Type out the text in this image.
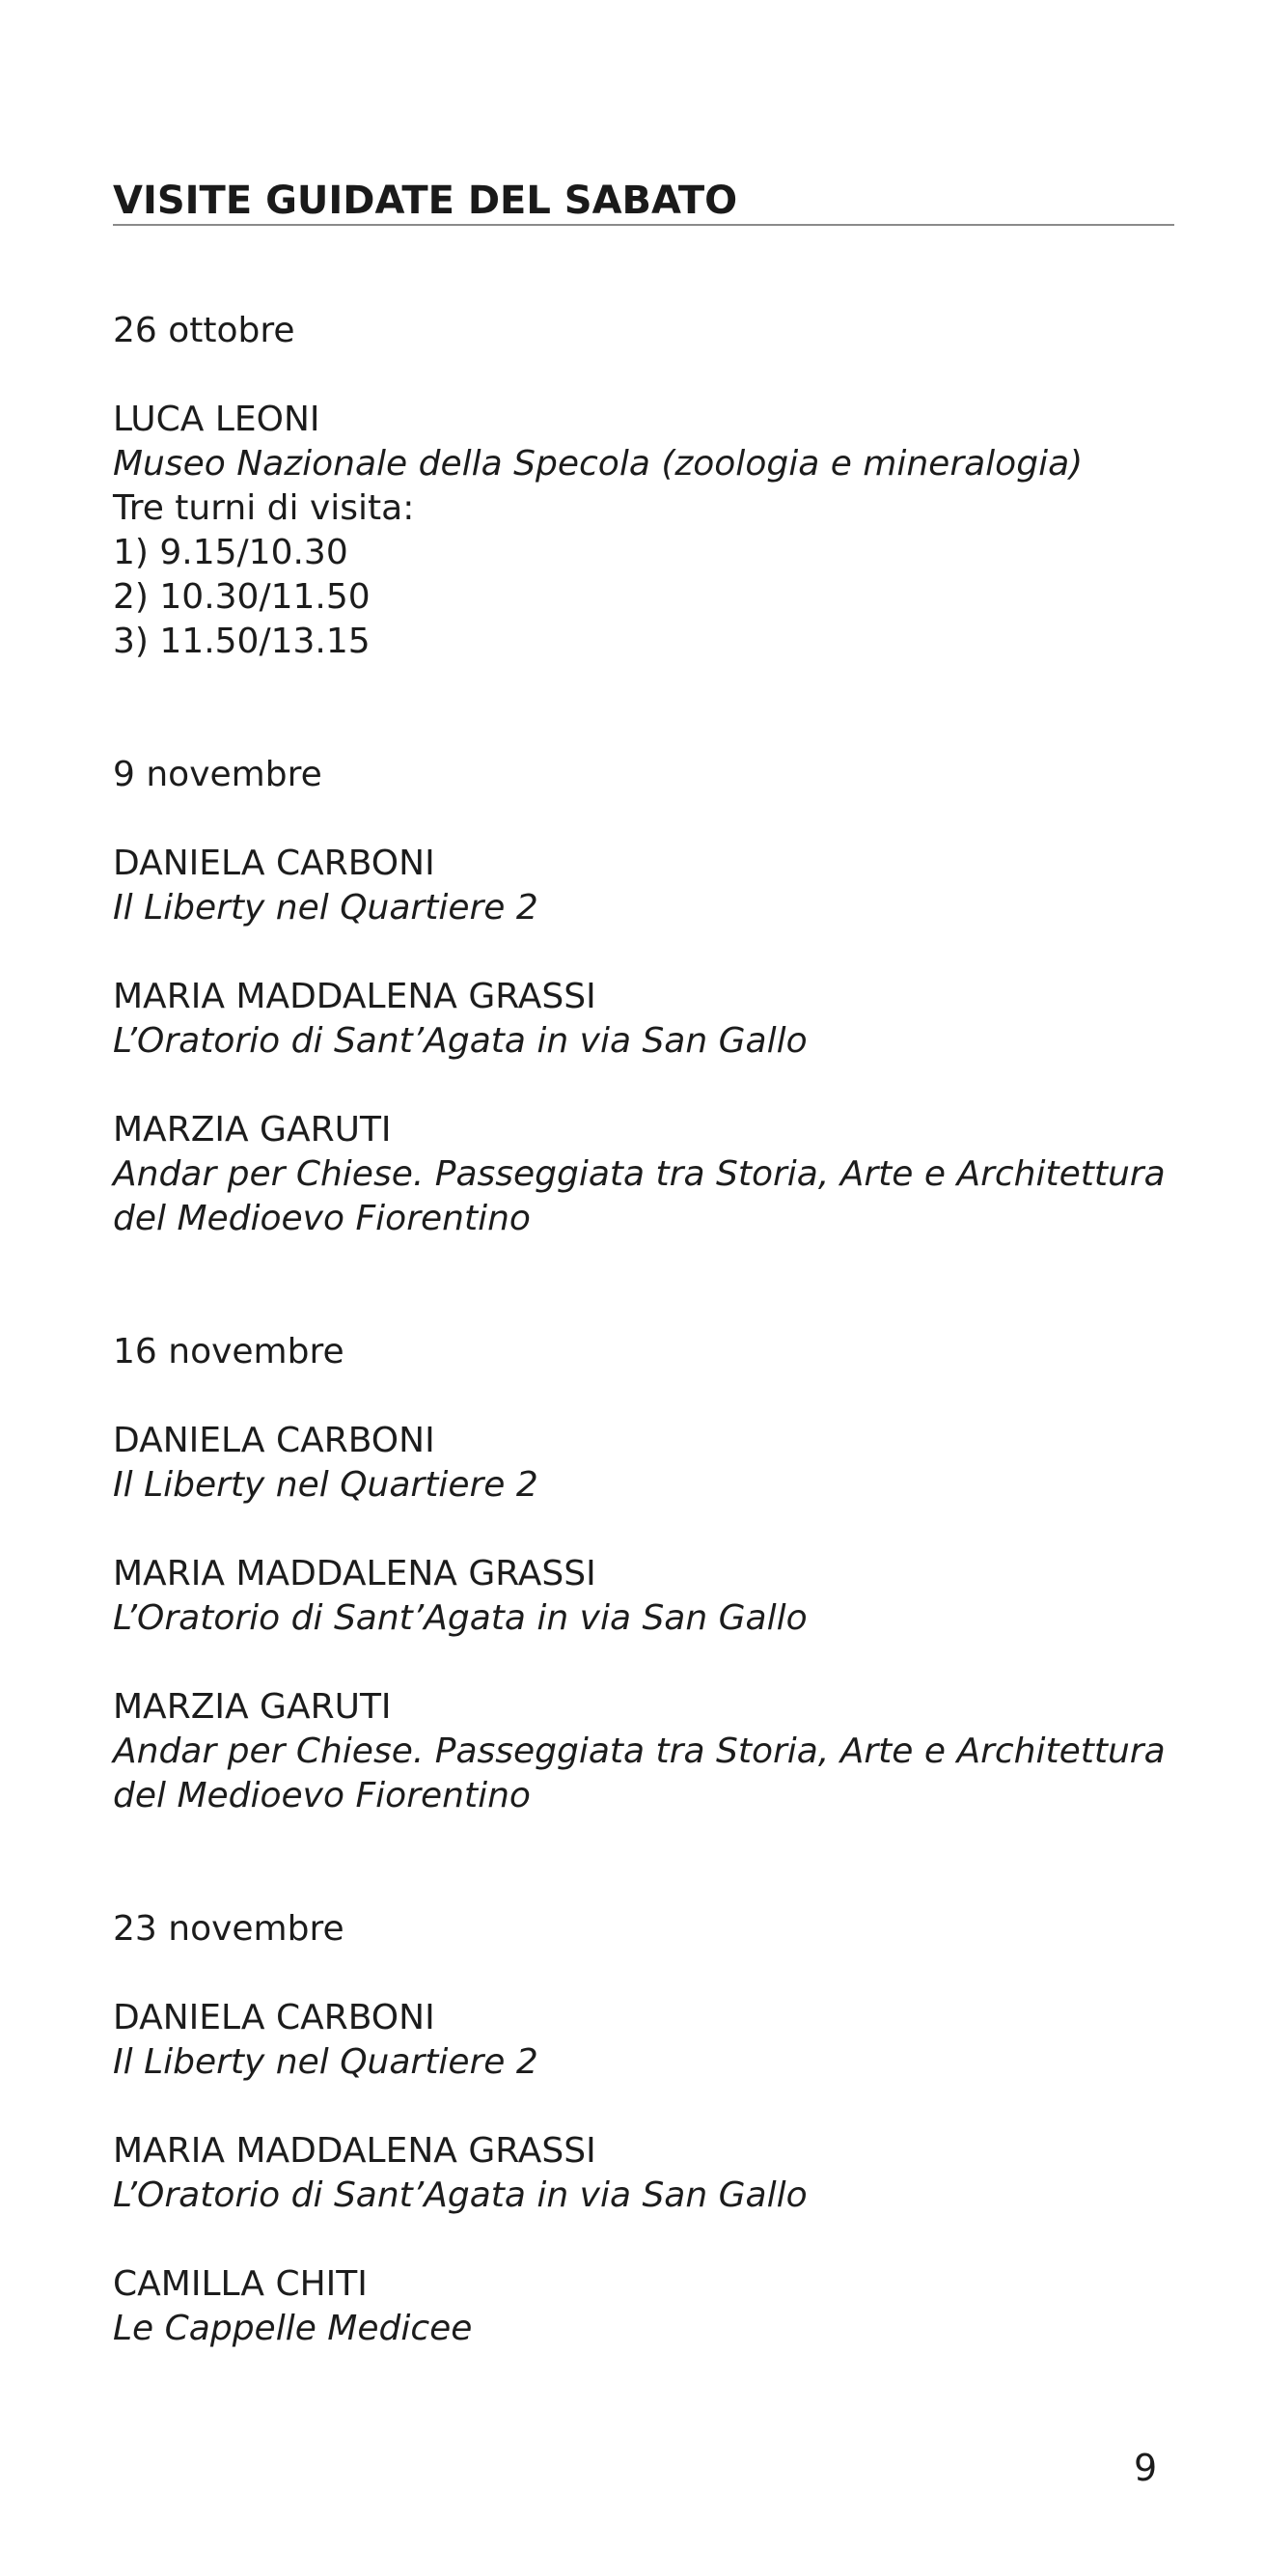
VISITE GUIDATE DEL SABATO
26 ottobre
LUCA LEONI
Museo Nazionale della Specola (zoologia e mineralogia)
Tre turni di visita:
1) 9.15/10.30
2) 10.30/11.50
3) 11.50/13.15
9 novembre
DANIELA CARBONI
Il Liberty nel Quartiere 2
MARIA MADDALENA GRASSI
L’Oratorio di Sant’Agata in via San Gallo
MARZIA GARUTI
Andar per Chiese. Passeggiata tra Storia, Arte e Architettura del Medioevo Fiorentino
16 novembre
DANIELA CARBONI
Il Liberty nel Quartiere 2
MARIA MADDALENA GRASSI
L’Oratorio di Sant’Agata in via San Gallo
MARZIA GARUTI
Andar per Chiese. Passeggiata tra Storia, Arte e Architettura del Medioevo Fiorentino
23 novembre
DANIELA CARBONI
Il Liberty nel Quartiere 2
MARIA MADDALENA GRASSI
L’Oratorio di Sant’Agata in via San Gallo
CAMILLA CHITI
Le Cappelle Medicee
9
